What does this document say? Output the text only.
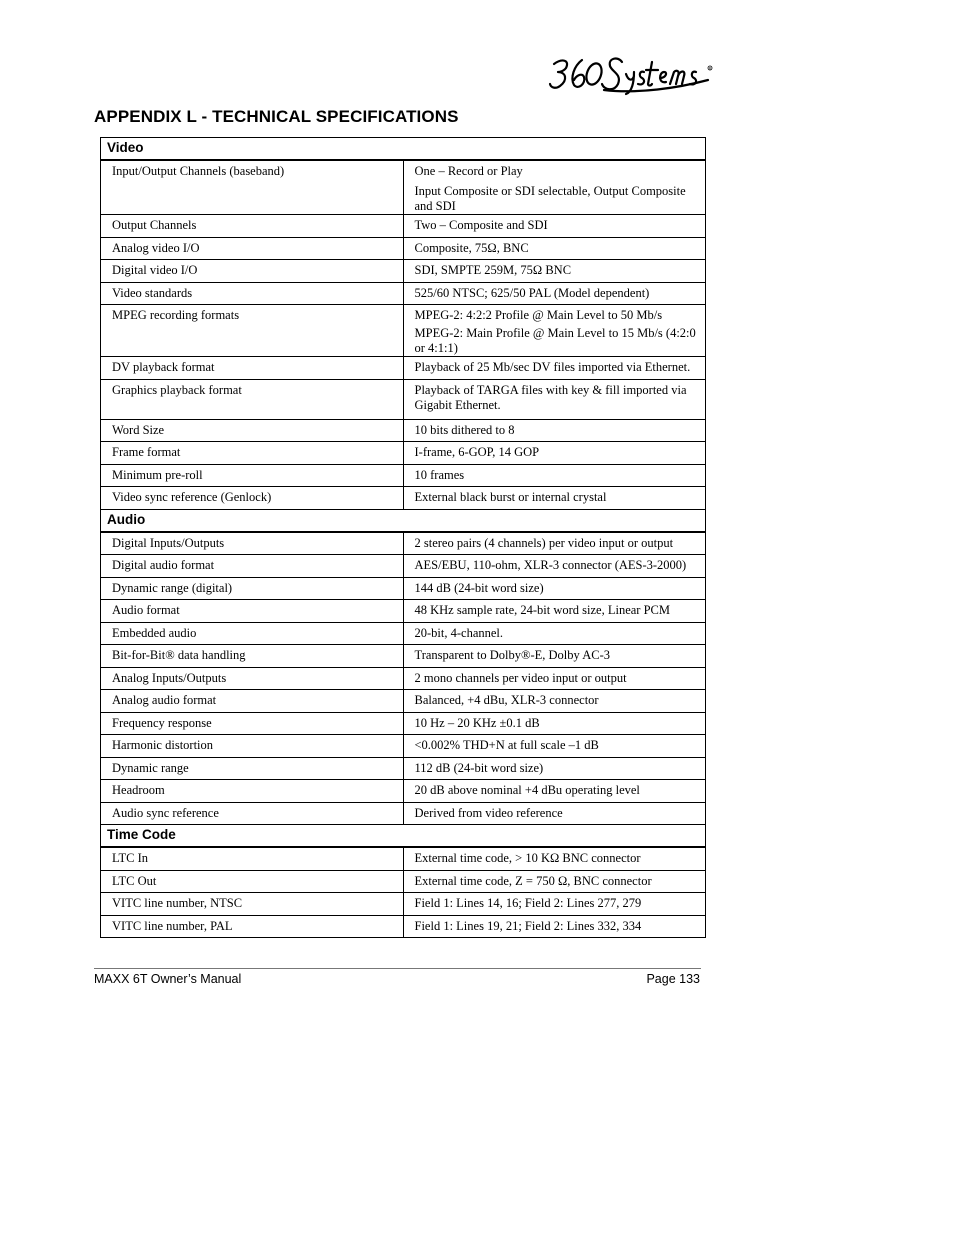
R
APPENDIX L - TECHNICAL SPECIFICATIONS
Video	
Input/Output Channels (baseband)	One – Record or Play
Input Composite or SDI selectable, Output Composite and SDI

Output Channels	Two – Composite and SDI

Analog video I/O	Composite, 75Ω, BNC

Digital video I/O	SDI, SMPTE 259M, 75Ω BNC

Video standards	525/60 NTSC; 625/50 PAL (Model dependent)

MPEG recording formats	MPEG-2: 4:2:2 Profile @ Main Level to 50 Mb/s
MPEG-2: Main Profile @ Main Level to 15 Mb/s (4:2:0 or 4:1:1)

DV playback format	Playback of 25 Mb/sec DV files imported via Ethernet.

Graphics playback format	Playback of TARGA files with key & fill imported via Gigabit Ethernet.

Word Size	10 bits dithered to 8

Frame format	I-frame, 6-GOP, 14 GOP

Minimum pre-roll	10 frames

Video sync reference (Genlock)	External black burst or internal crystal

Audio	
Digital Inputs/Outputs	2 stereo pairs (4 channels) per video input or output

Digital audio format	AES/EBU, 110-ohm, XLR-3 connector (AES-3-2000)

Dynamic range (digital)	144 dB (24-bit word size)

Audio format	48 KHz sample rate, 24-bit word size, Linear PCM

Embedded audio	20-bit, 4-channel.

Bit-for-Bit® data handling	Transparent to Dolby®-E, Dolby AC-3

Analog Inputs/Outputs	2 mono channels per video input or output

Analog audio format	Balanced, +4 dBu, XLR-3 connector

Frequency response	10 Hz – 20 KHz ±0.1 dB

Harmonic distortion	<0.002% THD+N at full scale –1 dB

Dynamic range	112 dB (24-bit word size)

Headroom	20 dB above nominal +4 dBu operating level

Audio sync reference	Derived from video reference

Time Code	
LTC In	External time code, > 10 KΩ BNC connector

LTC Out	External time code, Z = 750 Ω, BNC connector

VITC line number, NTSC	Field 1: Lines 14, 16; Field 2: Lines 277, 279

VITC line number, PAL	Field 1: Lines 19, 21; Field 2: Lines 332, 334
MAXX 6T Owner’s Manual	Page 133
